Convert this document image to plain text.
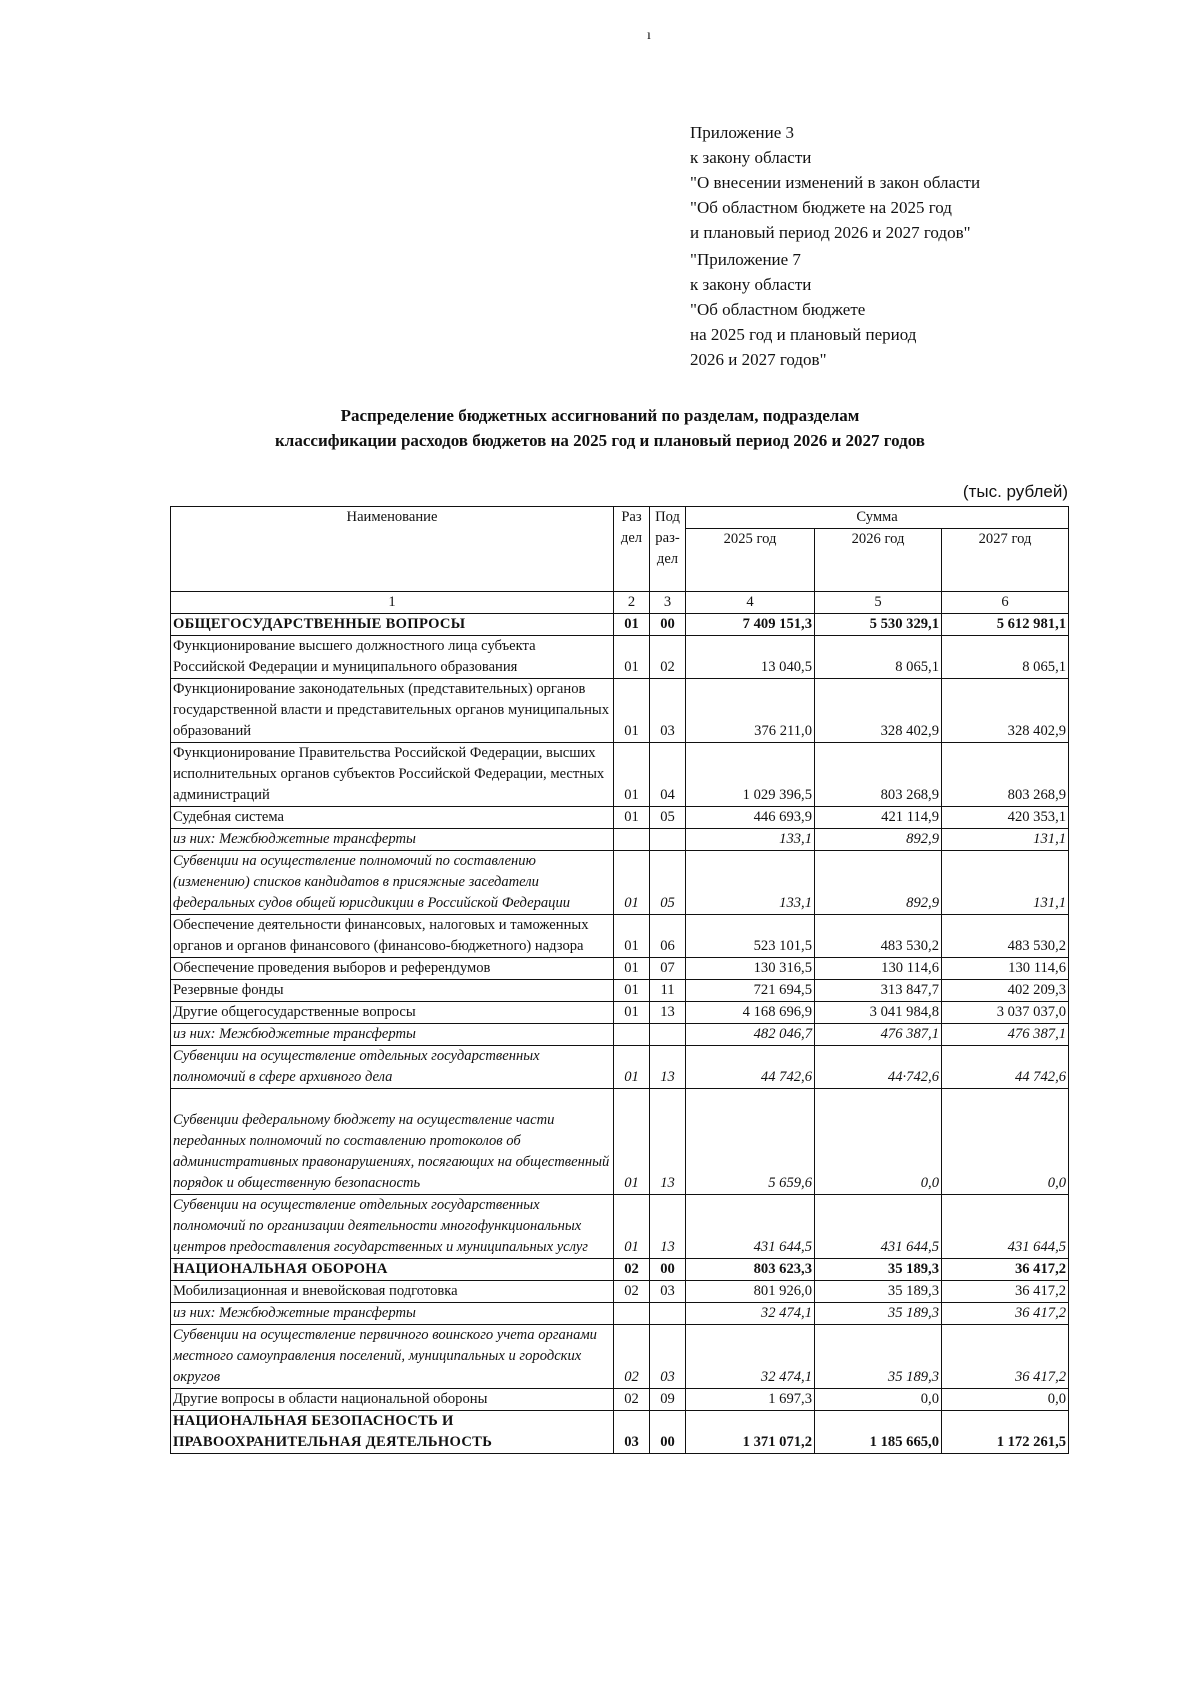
ı
Приложение 3
к закону области
"О внесении изменений в закон области
"Об областном бюджете на 2025 год
и плановый период 2026 и 2027 годов"
"Приложение 7
к закону области
"Об областном бюджете
на 2025 год и плановый период
2026 и 2027 годов"
Распределение бюджетных ассигнований по разделам, подразделам
классификации расходов бюджетов на 2025 год и плановый период 2026 и 2027 годов
(тыс. рублей)
Наименование	Раз дел	Под раз- дел	Сумма		
			2025 год	2026 год	2027 год
1	2	3	4	5	6
ОБЩЕГОСУДАРСТВЕННЫЕ ВОПРОСЫ	01	00	7 409 151,3	5 530 329,1	5 612 981,1
Функционирование высшего должностного лица субъекта Российской Федерации и муниципального образования	01	02	13 040,5	8 065,1	8 065,1
Функционирование законодательных (представительных) органов государственной власти и представительных органов муниципальных образований	01	03	376 211,0	328 402,9	328 402,9
Функционирование Правительства Российской Федерации, высших исполнительных органов субъектов Российской Федерации, местных администраций	01	04	1 029 396,5	803 268,9	803 268,9
Судебная система	01	05	446 693,9	421 114,9	420 353,1
из них: Межбюджетные трансферты			133,1	892,9	131,1
Субвенции на осуществление полномочий по составлению (изменению) списков кандидатов в присяжные заседатели федеральных судов общей юрисдикции в Российской Федерации	01	05	133,1	892,9	131,1
Обеспечение деятельности финансовых, налоговых и таможенных органов и органов финансового (финансово-бюджетного) надзора	01	06	523 101,5	483 530,2	483 530,2
Обеспечение проведения выборов и референдумов	01	07	130 316,5	130 114,6	130 114,6
Резервные фонды	01	11	721 694,5	313 847,7	402 209,3
Другие общегосударственные вопросы	01	13	4 168 696,9	3 041 984,8	3 037 037,0
из них: Межбюджетные трансферты			482 046,7	476 387,1	476 387,1
Субвенции на осуществление отдельных государственных полномочий в сфере архивного дела	01	13	44 742,6	44·742,6	44 742,6
Субвенции федеральному бюджету на осуществление части переданных полномочий по составлению протоколов об административных правонарушениях, посягающих на общественный порядок и общественную безопасность	01	13	5 659,6	0,0	0,0
Субвенции на осуществление отдельных государственных полномочий по организации деятельности многофункциональных центров предоставления государственных и муниципальных услуг	01	13	431 644,5	431 644,5	431 644,5
НАЦИОНАЛЬНАЯ ОБОРОНА	02	00	803 623,3	35 189,3	36 417,2
Мобилизационная и вневойсковая подготовка	02	03	801 926,0	35 189,3	36 417,2
из них: Межбюджетные трансферты			32 474,1	35 189,3	36 417,2
Субвенции на осуществление первичного воинского учета органами местного самоуправления поселений, муниципальных и городских округов	02	03	32 474,1	35 189,3	36 417,2
Другие вопросы в области национальной обороны	02	09	1 697,3	0,0	0,0
НАЦИОНАЛЬНАЯ БЕЗОПАСНОСТЬ И ПРАВООХРАНИТЕЛЬНАЯ ДЕЯТЕЛЬНОСТЬ	03	00	1 371 071,2	1 185 665,0	1 172 261,5
